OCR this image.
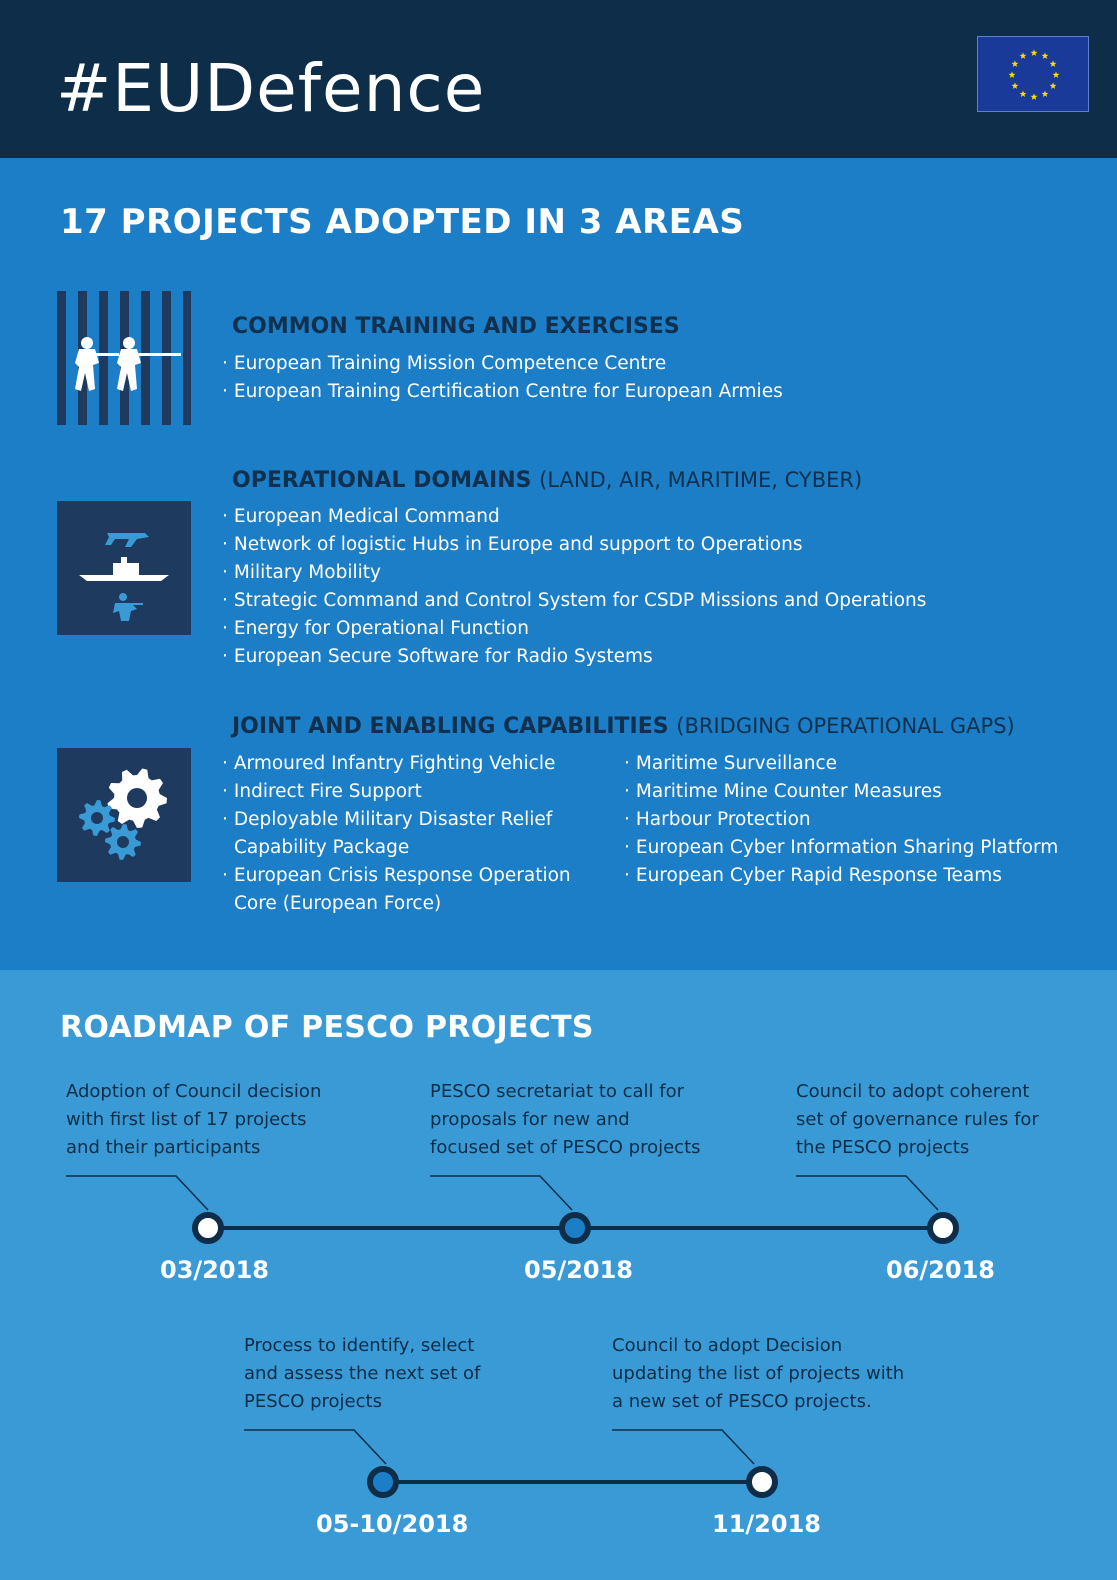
#EUDefence
17 PROJECTS ADOPTED IN 3 AREAS
COMMON TRAINING AND EXERCISES
· European Training Mission Competence Centre
· European Training Certification Centre for European Armies
OPERATIONAL DOMAINS (LAND, AIR, MARITIME, CYBER)
· European Medical Command
· Network of logistic Hubs in Europe and support to Operations
· Military Mobility
· Strategic Command and Control System for CSDP Missions and Operations
· Energy for Operational Function
· European Secure Software for Radio Systems
JOINT AND ENABLING CAPABILITIES (BRIDGING OPERATIONAL GAPS)
· Armoured Infantry Fighting Vehicle
· Indirect Fire Support
· Deployable Military Disaster Relief
Capability Package
· European Crisis Response Operation
Core (European Force)
· Maritime Surveillance
· Maritime Mine Counter Measures
· Harbour Protection
· European Cyber Information Sharing Platform
· European Cyber Rapid Response Teams
ROADMAP OF PESCO PROJECTS
Adoption of Council decision
with first list of 17 projects
and their participants
03/2018
PESCO secretariat to call for
proposals for new and
focused set of PESCO projects
05/2018
Council to adopt coherent
set of governance rules for
the PESCO projects
06/2018
Process to identify, select
and assess the next set of
PESCO projects
05-10/2018
Council to adopt Decision
updating the list of projects with
a new set of PESCO projects.
11/2018
